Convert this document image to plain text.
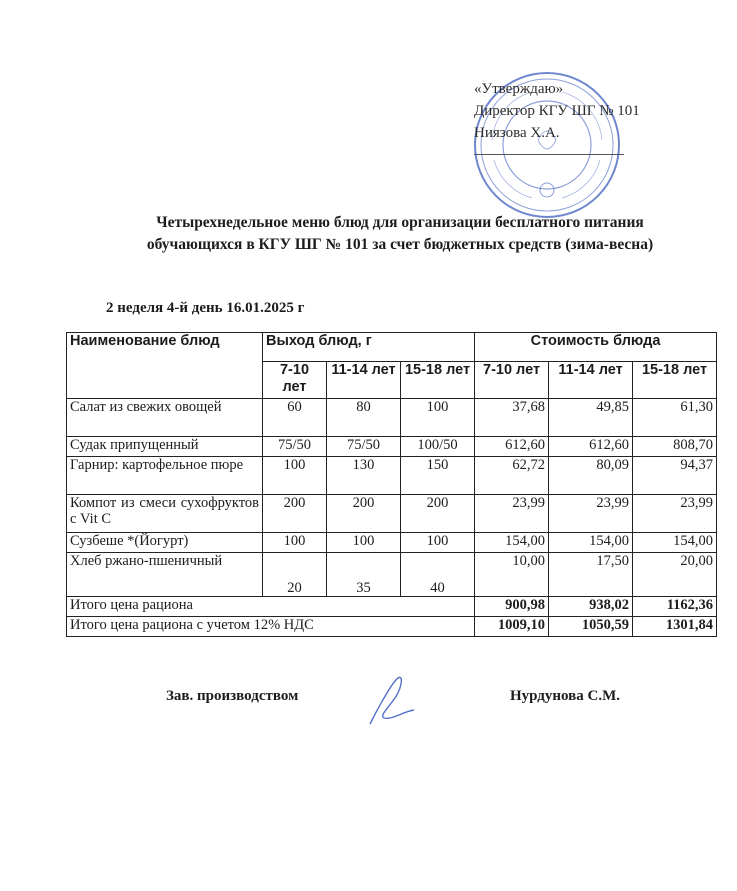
«Утверждаю»
Директор КГУ ШГ № 101
Ниязова Х.А.
Четырехнедельное меню блюд для организации бесплатного питания
обучающихся в КГУ ШГ № 101 за счет бюджетных средств (зима-весна)
2 неделя 4-й день 16.01.2025 г
Наименование блюд	Выход блюд, г			Стоимость блюда		
	7-10 лет	11-14 лет	15-18 лет	7-10 лет	11-14 лет	15-18 лет
Салат из свежих овощей	60	80	100	37,68	49,85	61,30
Судак припущенный	75/50	75/50	100/50	612,60	612,60	808,70
Гарнир: картофельное пюре	100	130	150	62,72	80,09	94,37
Компот из смеси сухофруктов с Vit C	200	200	200	23,99	23,99	23,99
Сузбеше *(Йогурт)	100	100	100	154,00	154,00	154,00
Хлеб ржано-пшеничный	20	35	40	10,00	17,50	20,00
Итого цена рациона				900,98	938,02	1162,36
Итого цена рациона с учетом 12% НДС				1009,10	1050,59	1301,84
Зав. производством	Нурдунова С.М.
